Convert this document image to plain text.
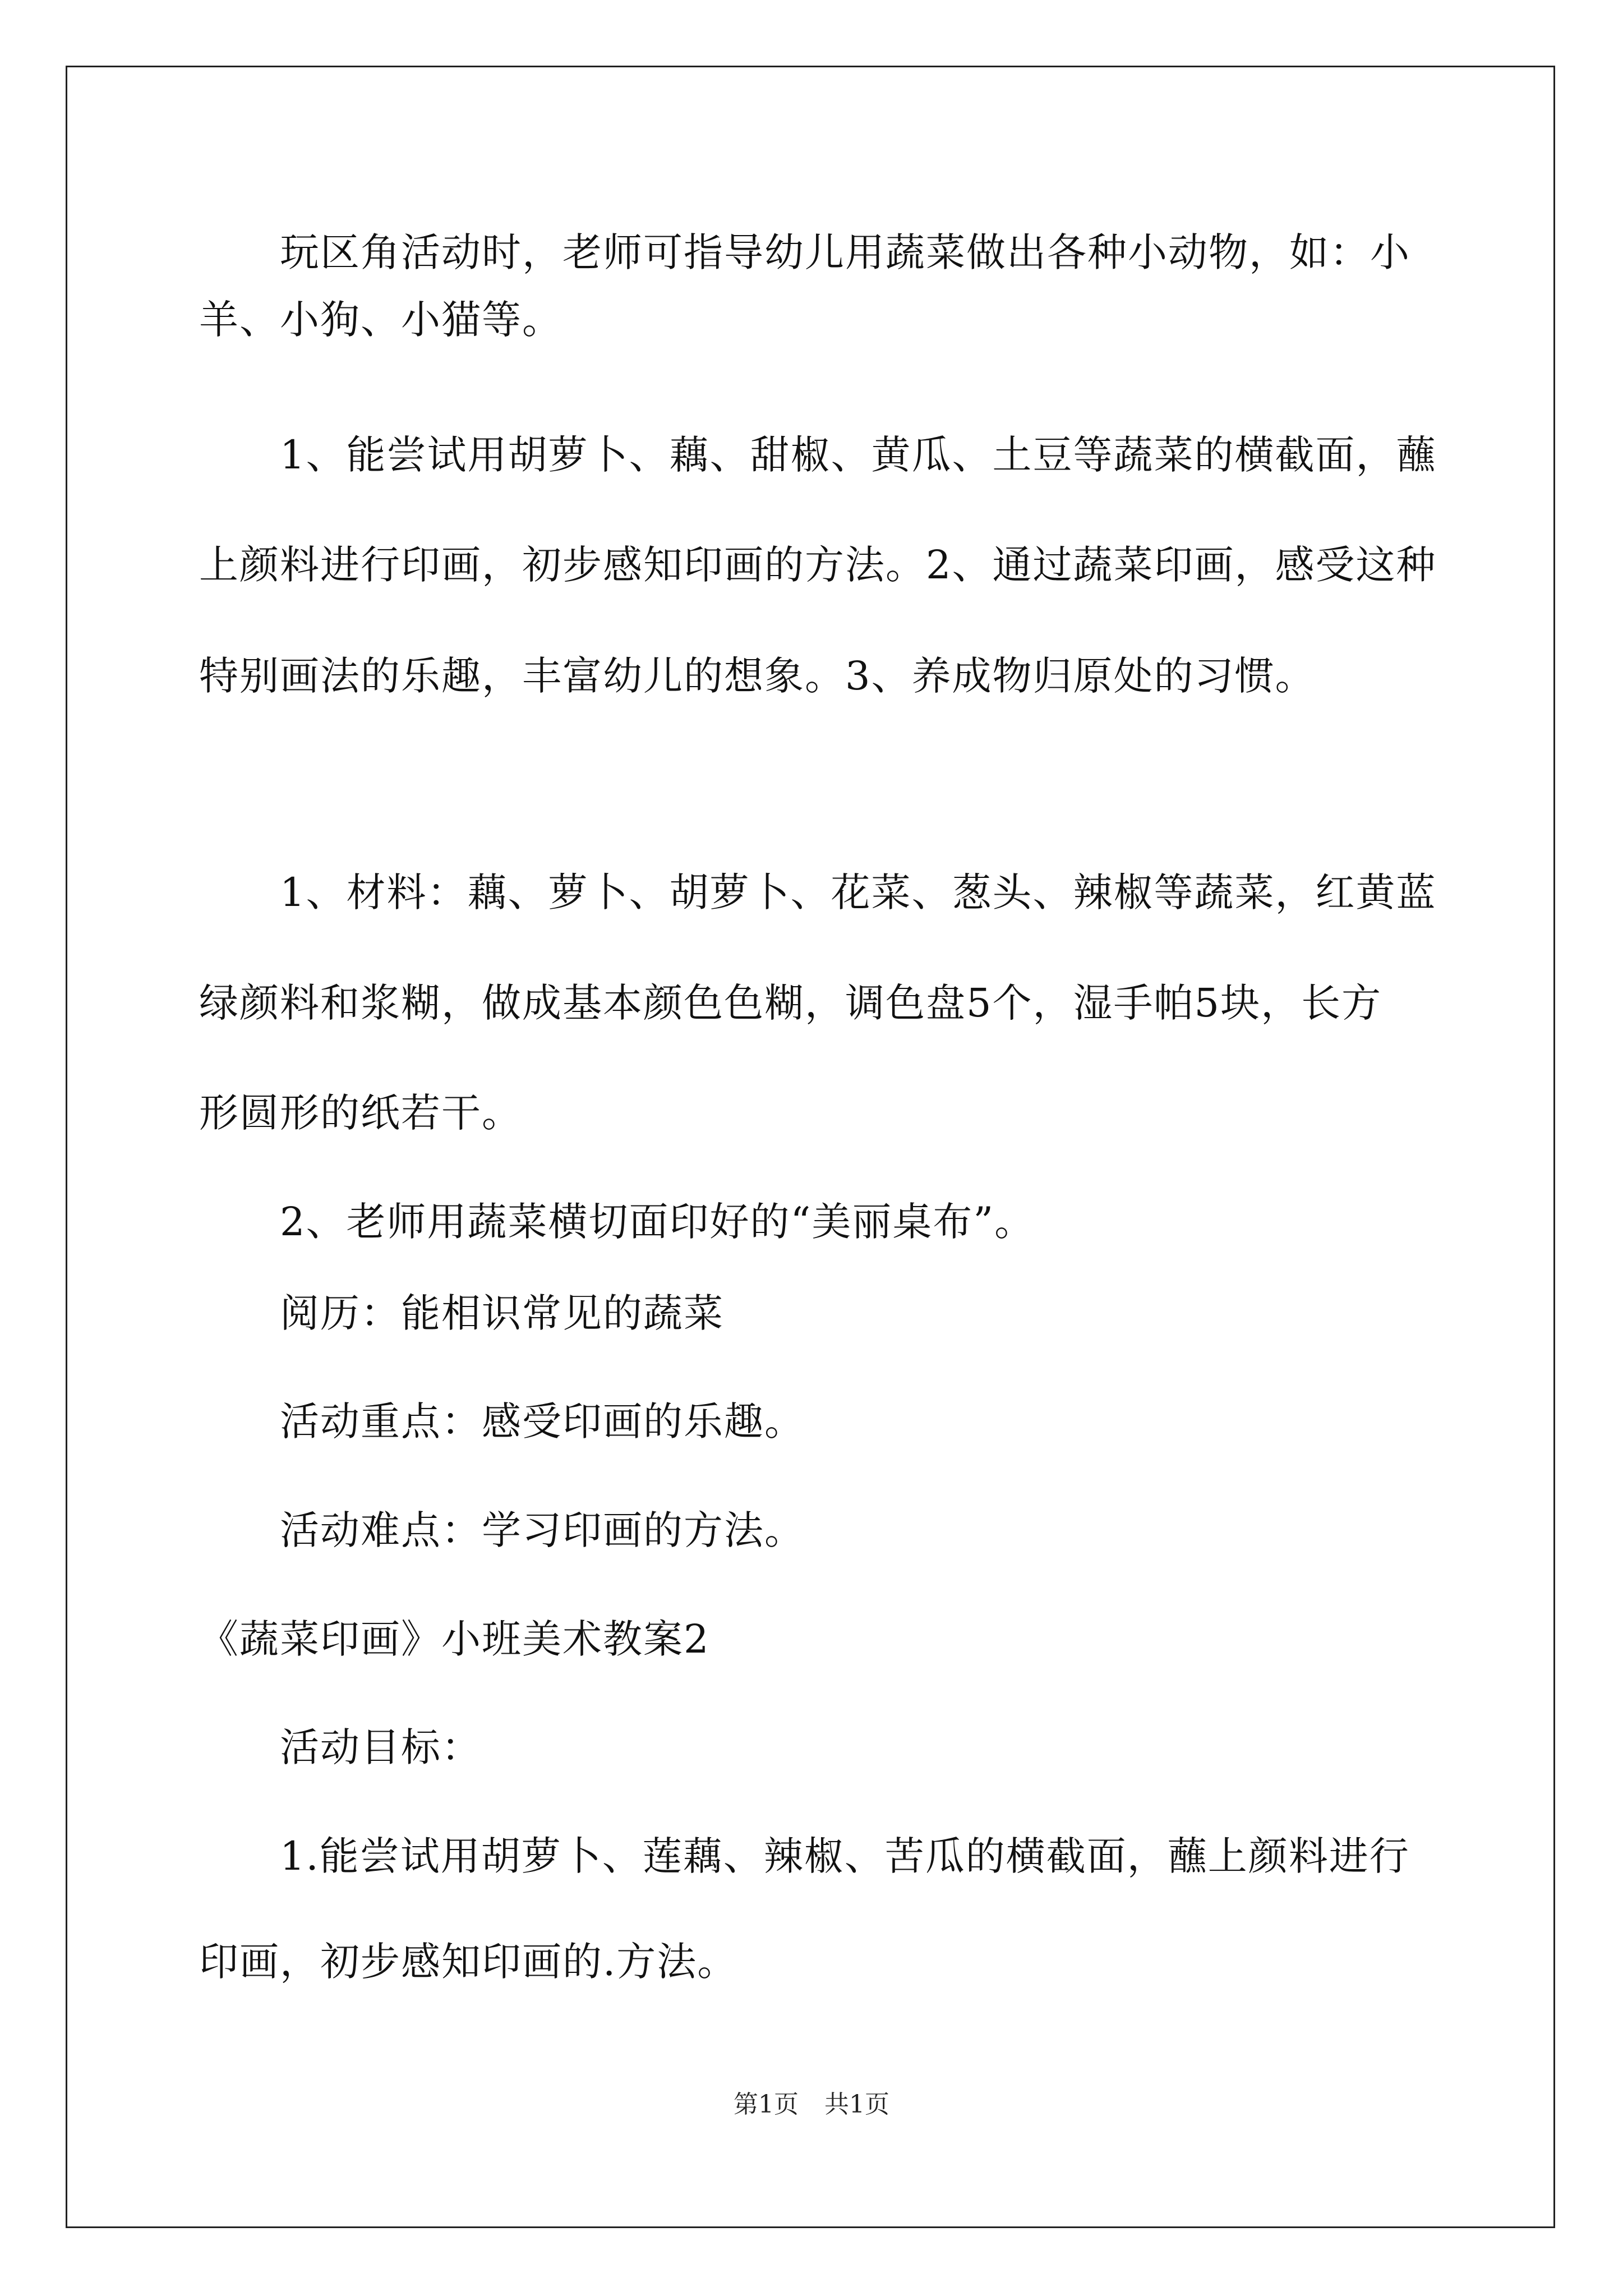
玩区角活动时，老师可指导幼儿用蔬菜做出各种小动物，如：小
羊、小狗、小猫等。
1、能尝试用胡萝卜、藕、甜椒、黄瓜、土豆等蔬菜的横截面，蘸
上颜料进行印画，初步感知印画的方法。2、通过蔬菜印画，感受这种
特别画法的乐趣，丰富幼儿的想象。3、养成物归原处的习惯。
1、材料：藕、萝卜、胡萝卜、花菜、葱头、辣椒等蔬菜，红黄蓝
绿颜料和浆糊，做成基本颜色色糊，调色盘5个，湿手帕5块，长方
形圆形的纸若干。
2、老师用蔬菜横切面印好的“美丽桌布”。
阅历：能相识常见的蔬菜
活动重点：感受印画的乐趣。
活动难点：学习印画的方法。
《蔬菜印画》小班美术教案2
活动目标：
1.能尝试用胡萝卜、莲藕、辣椒、苦瓜的横截面，蘸上颜料进行
印画，初步感知印画的.方法。
第1页 共1页
